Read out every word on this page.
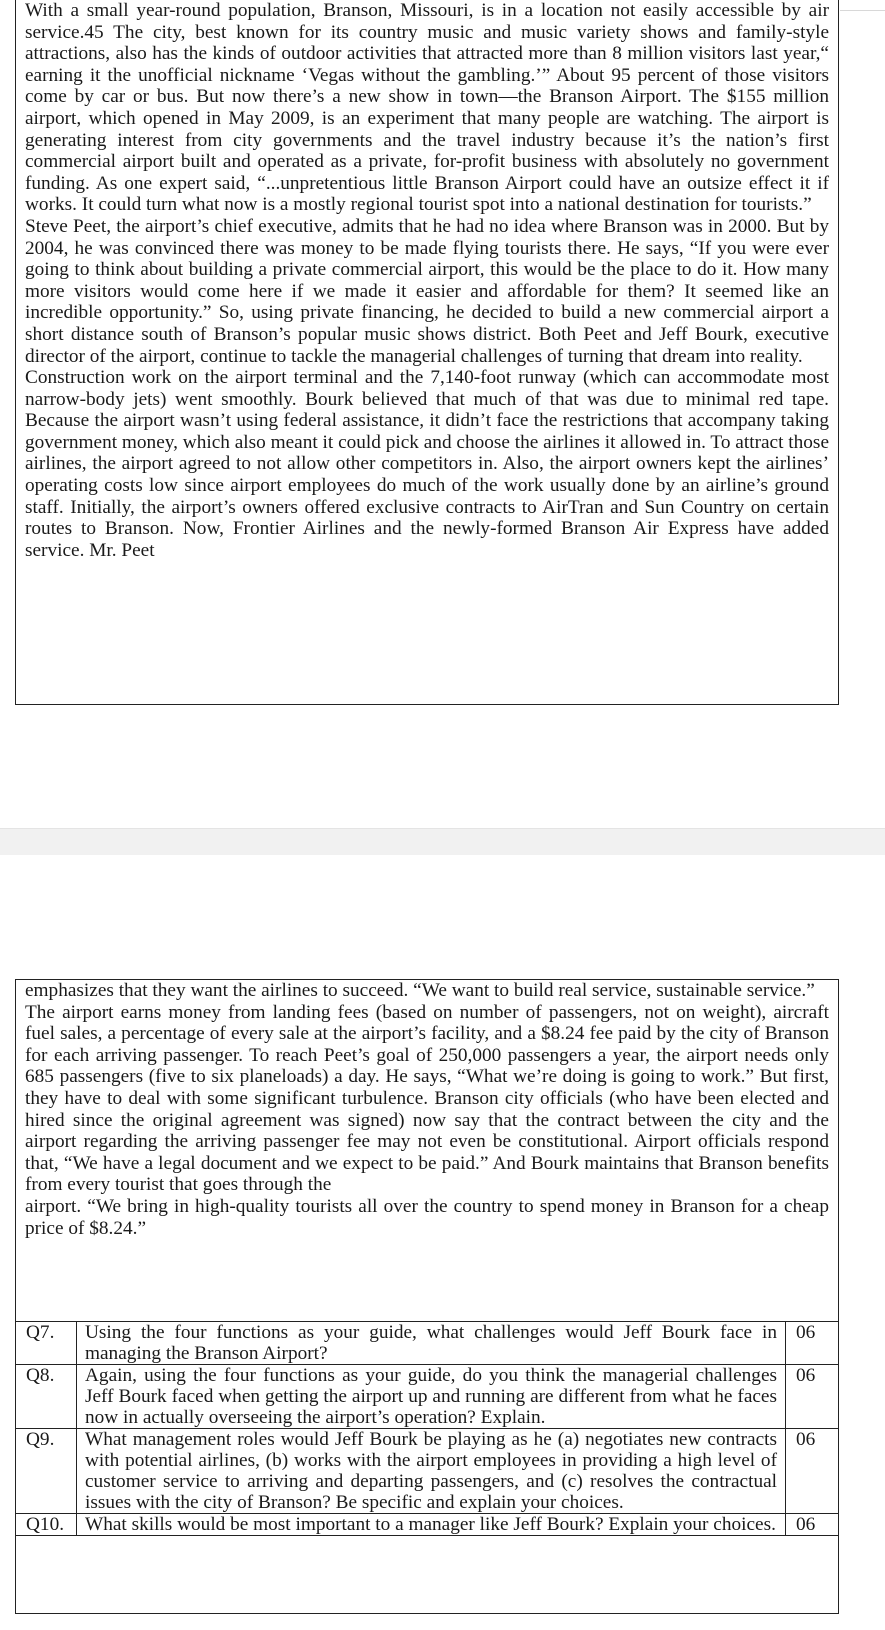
With a small year-round population, Branson, Missouri, is in a location not easily accessible by air service.45 The city, best known for its country music and music variety shows and family-style attractions, also has the kinds of outdoor activities that attracted more than 8 million visitors last year,“ earning it the unofficial nickname ‘Vegas without the gambling.’” About 95 percent of those visitors come by car or bus. But now there’s a new show in town—the Branson Airport. The $155 million airport, which opened in May 2009, is an experiment that many people are watching. The airport is generating interest from city governments and the travel industry because it’s the nation’s first commercial airport built and operated as a private, for-profit business with absolutely no government funding. As one expert said, “...unpretentious little Branson Airport could have an outsize effect it if works. It could turn what now is a mostly regional tourist spot into a national destination for tourists.”

Steve Peet, the airport’s chief executive, admits that he had no idea where Branson was in 2000. But by 2004, he was convinced there was money to be made flying tourists there. He says, “If you were ever going to think about building a private commercial airport, this would be the place to do it. How many more visitors would come here if we made it easier and affordable for them? It seemed like an incredible opportunity.” So, using private financing, he decided to build a new commercial airport a short distance south of Branson’s popular music shows district. Both Peet and Jeff Bourk, executive director of the airport, continue to tackle the managerial challenges of turning that dream into reality.

Construction work on the airport terminal and the 7,140-foot runway (which can accommodate most narrow-body jets) went smoothly. Bourk believed that much of that was due to minimal red tape. Because the airport wasn’t using federal assistance, it didn’t face the restrictions that accompany taking government money, which also meant it could pick and choose the airlines it allowed in. To attract those airlines, the airport agreed to not allow other competitors in. Also, the airport owners kept the airlines’ operating costs low since airport employees do much of the work usually done by an airline’s ground staff. Initially, the airport’s owners offered exclusive contracts to AirTran and Sun Country on certain routes to Branson. Now, Frontier Airlines and the newly-formed Branson Air Express have added service. Mr. Peet

emphasizes that they want the airlines to succeed. “We want to build real service, sustainable service.”

The airport earns money from landing fees (based on number of passengers, not on weight), aircraft fuel sales, a percentage of every sale at the airport’s facility, and a $8.24 fee paid by the city of Branson for each arriving passenger. To reach Peet’s goal of 250,000 passengers a year, the airport needs only 685 passengers (five to six planeloads) a day. He says, “What we’re doing is going to work.” But first, they have to deal with some significant turbulence. Branson city officials (who have been elected and hired since the original agreement was signed) now say that the contract between the city and the airport regarding the arriving passenger fee may not even be constitutional. Airport officials respond that, “We have a legal document and we expect to be paid.” And Bourk maintains that Branson benefits from every tourist that goes through the

airport. “We bring in high-quality tourists all over the country to spend money in Branson for a cheap price of $8.24.”

Q7.	Using the four functions as your guide, what challenges would Jeff Bourk face in managing the Branson Airport?	06
Q8.	Again, using the four functions as your guide, do you think the managerial challenges Jeff Bourk faced when getting the airport up and running are different from what he faces now in actually overseeing the airport’s operation? Explain.	06
Q9.	What management roles would Jeff Bourk be playing as he (a) negotiates new contracts with potential airlines, (b) works with the airport employees in providing a high level of customer service to arriving and departing passengers, and (c) resolves the contractual issues with the city of Branson? Be specific and explain your choices.	06
Q10.	What skills would be most important to a manager like Jeff Bourk? Explain your choices.	06
